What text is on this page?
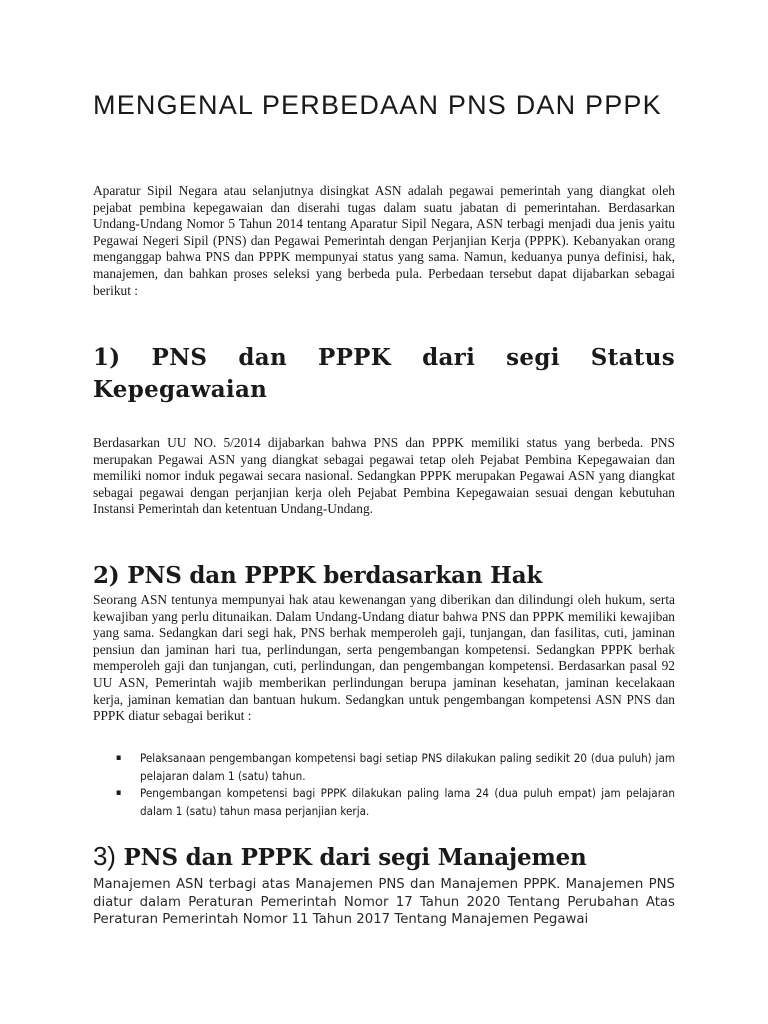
MENGENAL PERBEDAAN PNS DAN PPPK

Aparatur Sipil Negara atau selanjutnya disingkat ASN adalah pegawai pemerintah yang diangkat oleh pejabat pembina kepegawaian dan diserahi tugas dalam suatu jabatan di pemerintahan. Berdasarkan Undang-Undang Nomor 5 Tahun 2014 tentang Aparatur Sipil Negara, ASN terbagi menjadi dua jenis yaitu Pegawai Negeri Sipil (PNS) dan Pegawai Pemerintah dengan Perjanjian Kerja (PPPK). Kebanyakan orang menganggap bahwa PNS dan PPPK mempunyai status yang sama. Namun, keduanya punya definisi, hak, manajemen, dan bahkan proses seleksi yang berbeda pula. Perbedaan tersebut dapat dijabarkan sebagai berikut :

1) PNS dan PPPK dari segi Status Kepegawaian

Berdasarkan UU NO. 5/2014 dijabarkan bahwa PNS dan PPPK memiliki status yang berbeda. PNS merupakan Pegawai ASN yang diangkat sebagai pegawai tetap oleh Pejabat Pembina Kepegawaian dan memiliki nomor induk pegawai secara nasional. Sedangkan PPPK merupakan Pegawai ASN yang diangkat sebagai pegawai dengan perjanjian kerja oleh Pejabat Pembina Kepegawaian sesuai dengan kebutuhan Instansi Pemerintah dan ketentuan Undang-Undang.

2) PNS dan PPPK berdasarkan Hak

Seorang ASN tentunya mempunyai hak atau kewenangan yang diberikan dan dilindungi oleh hukum, serta kewajiban yang perlu ditunaikan. Dalam Undang-Undang diatur bahwa PNS dan PPPK memiliki kewajiban yang sama. Sedangkan dari segi hak, PNS berhak memperoleh gaji, tunjangan, dan fasilitas, cuti, jaminan pensiun dan jaminan hari tua, perlindungan, serta pengembangan kompetensi. Sedangkan PPPK berhak memperoleh gaji dan tunjangan, cuti, perlindungan, dan pengembangan kompetensi. Berdasarkan pasal 92 UU ASN, Pemerintah wajib memberikan perlindungan berupa jaminan kesehatan, jaminan kecelakaan kerja, jaminan kematian dan bantuan hukum. Sedangkan untuk pengembangan kompetensi ASN PNS dan PPPK diatur sebagai berikut :

▪ Pelaksanaan pengembangan kompetensi bagi setiap PNS dilakukan paling sedikit 20 (dua puluh) jam pelajaran dalam 1 (satu) tahun.
▪ Pengembangan kompetensi bagi PPPK dilakukan paling lama 24 (dua puluh empat) jam pelajaran dalam 1 (satu) tahun masa perjanjian kerja.
3) PNS dan PPPK dari segi Manajemen

Manajemen ASN terbagi atas Manajemen PNS dan Manajemen PPPK. Manajemen PNS diatur dalam Peraturan Pemerintah Nomor 17 Tahun 2020 Tentang Perubahan Atas Peraturan Pemerintah Nomor 11 Tahun 2017 Tentang Manajemen Pegawai
